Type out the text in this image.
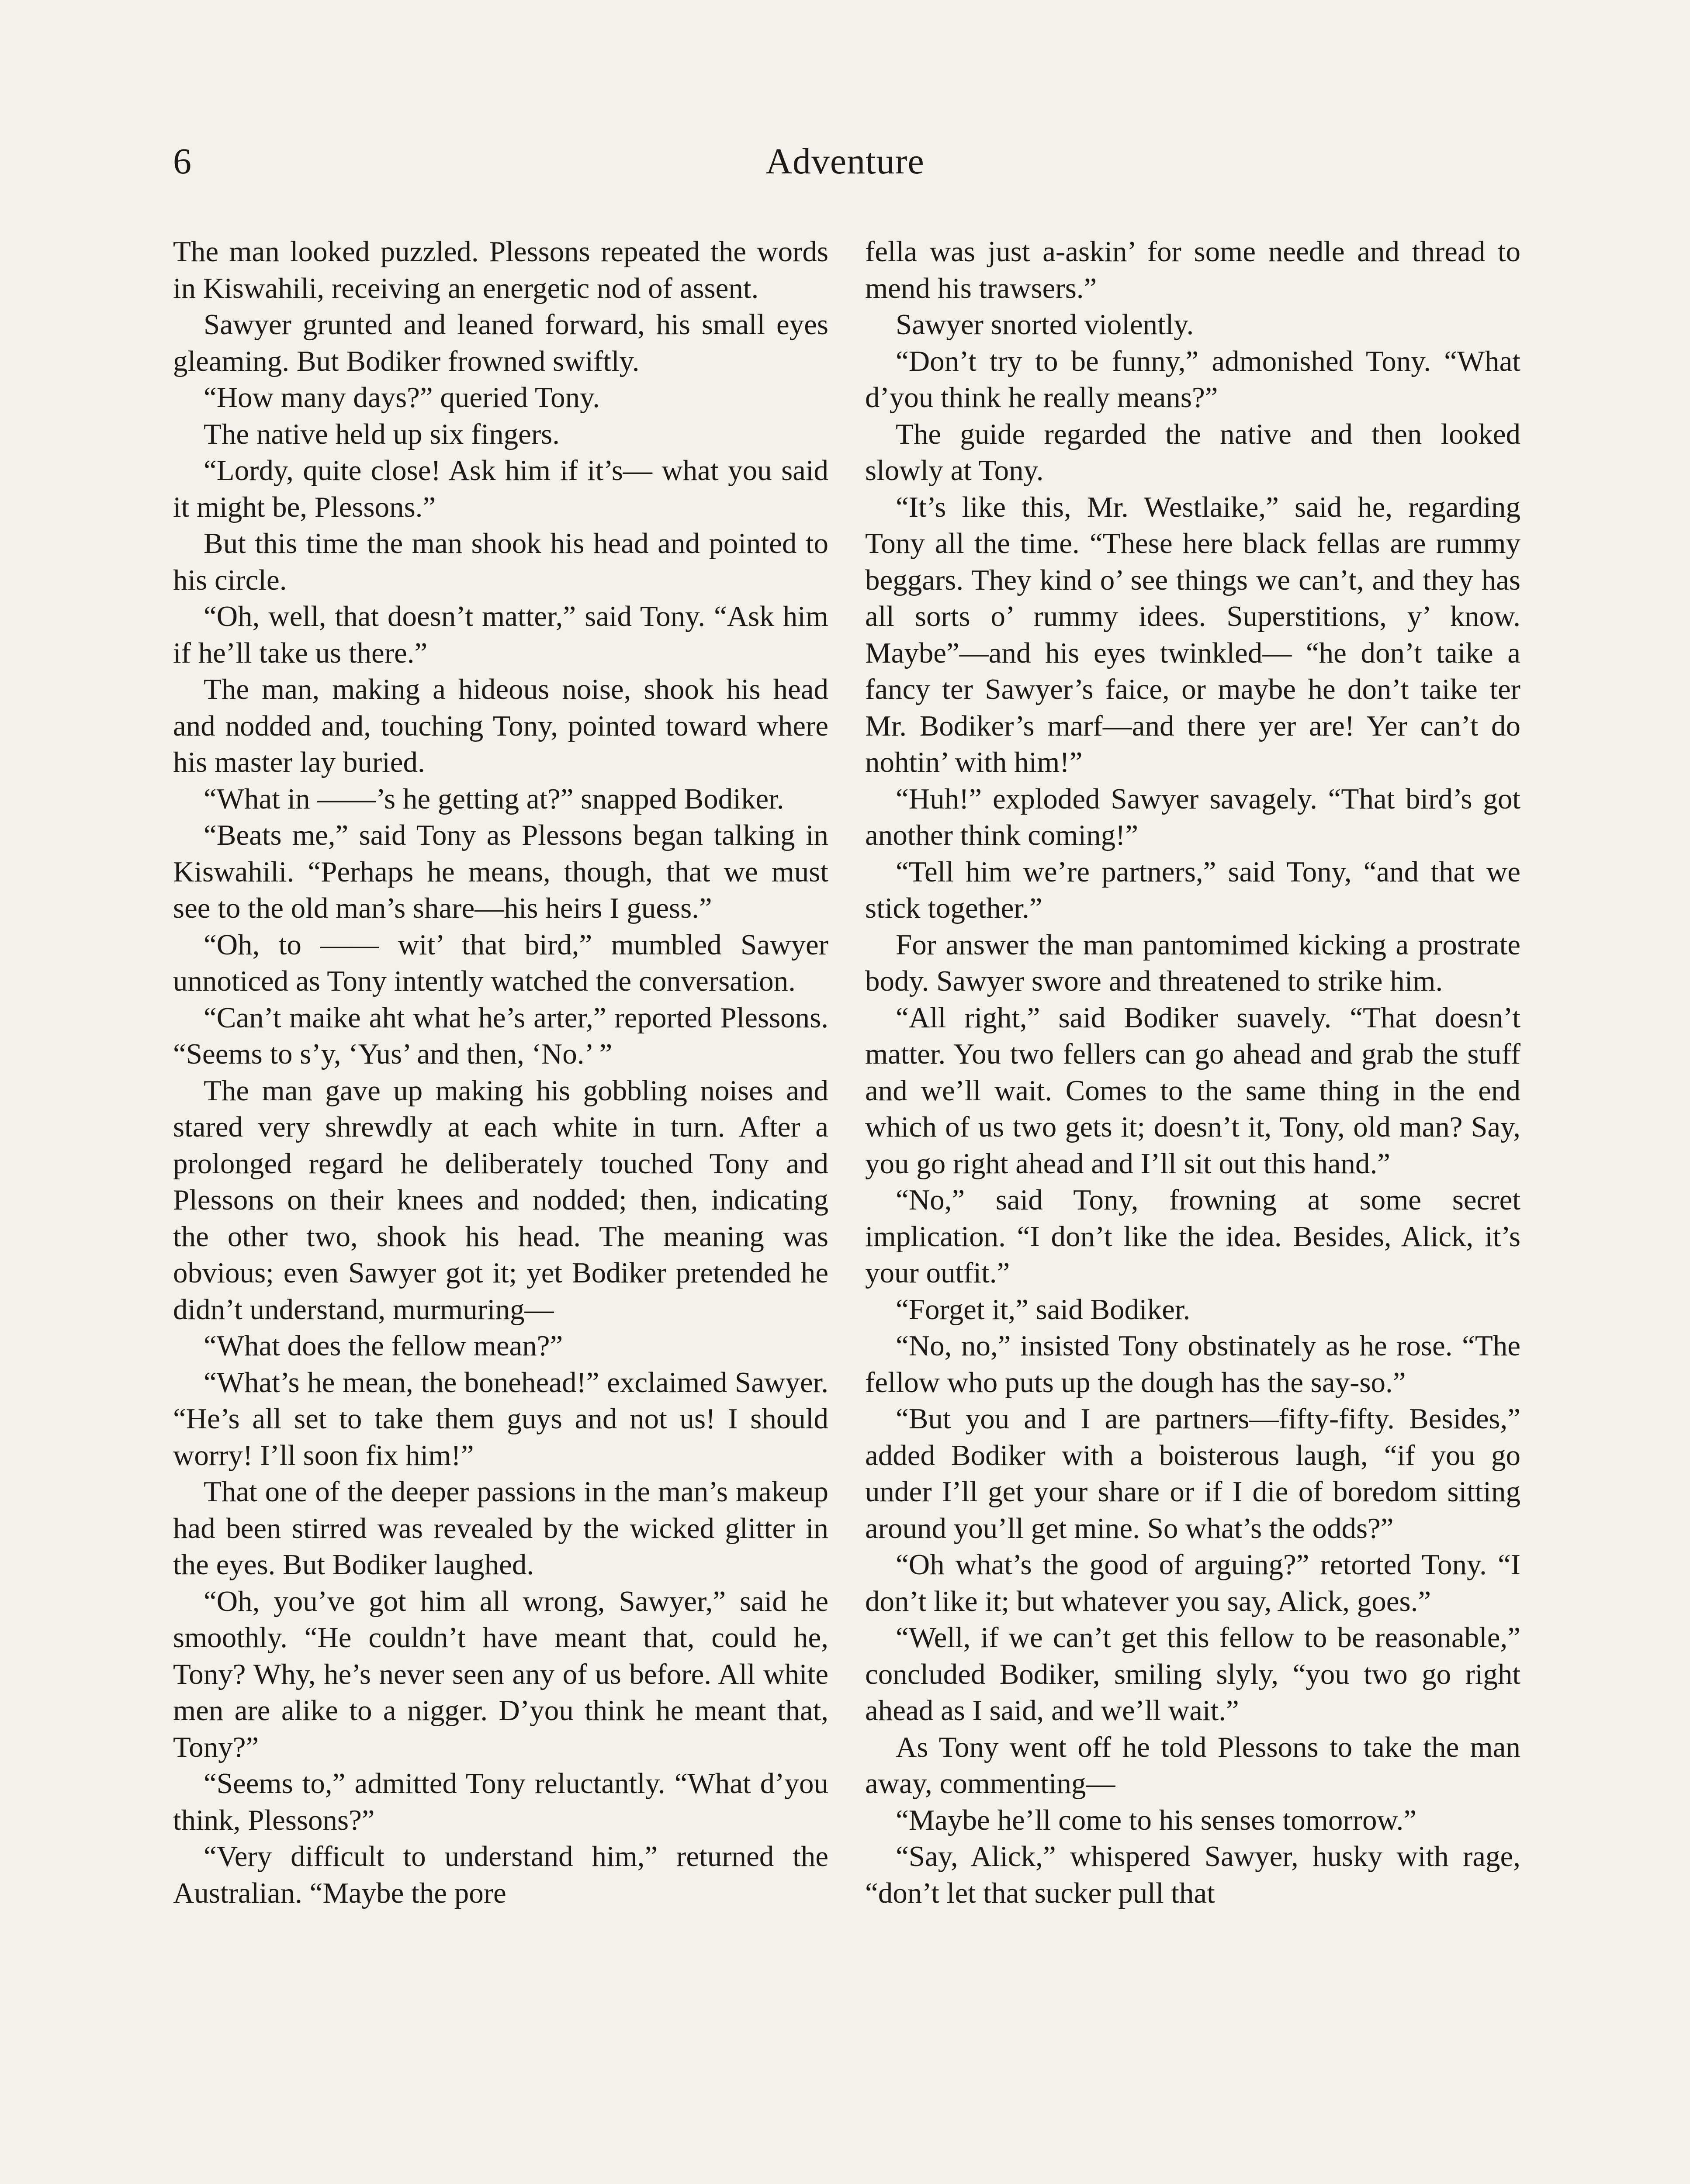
6	Adventure

The man looked puzzled. Plessons repeated the words in Kiswahili, receiving an energetic nod of assent.

Sawyer grunted and leaned forward, his small eyes gleaming. But Bodiker frowned swiftly.

“How many days?” queried Tony.

The native held up six fingers.

“Lordy, quite close! Ask him if it’s— what you said it might be, Plessons.”

But this time the man shook his head and pointed to his circle.

“Oh, well, that doesn’t matter,” said Tony. “Ask him if he’ll take us there.”

The man, making a hideous noise, shook his head and nodded and, touching Tony, pointed toward where his master lay buried.

“What in ——’s he getting at?” snapped Bodiker.

“Beats me,” said Tony as Plessons began talking in Kiswahili. “Perhaps he means, though, that we must see to the old man’s share—his heirs I guess.”

“Oh, to —— wit’ that bird,” mumbled Sawyer unnoticed as Tony intently watched the conversation.

“Can’t maike aht what he’s arter,” reported Plessons. “Seems to s’y, ‘Yus’ and then, ‘No.’ ”

The man gave up making his gobbling noises and stared very shrewdly at each white in turn. After a prolonged regard he deliberately touched Tony and Plessons on their knees and nodded; then, indicating the other two, shook his head. The meaning was obvious; even Sawyer got it; yet Bodiker pretended he didn’t understand, murmuring—

“What does the fellow mean?”

“What’s he mean, the bonehead!” exclaimed Sawyer. “He’s all set to take them guys and not us! I should worry! I’ll soon fix him!”

That one of the deeper passions in the man’s makeup had been stirred was revealed by the wicked glitter in the eyes. But Bodiker laughed.

“Oh, you’ve got him all wrong, Sawyer,” said he smoothly. “He couldn’t have meant that, could he, Tony? Why, he’s never seen any of us before. All white men are alike to a nigger. D’you think he meant that, Tony?”

“Seems to,” admitted Tony reluctantly. “What d’you think, Plessons?”

“Very difficult to understand him,” returned the Australian. “Maybe the pore

fella was just a-askin’ for some needle and thread to mend his trawsers.”

Sawyer snorted violently.

“Don’t try to be funny,” admonished Tony. “What d’you think he really means?”

The guide regarded the native and then looked slowly at Tony.

“It’s like this, Mr. Westlaike,” said he, regarding Tony all the time. “These here black fellas are rummy beggars. They kind o’ see things we can’t, and they has all sorts o’ rummy idees. Superstitions, y’ know. Maybe”—and his eyes twinkled— “he don’t taike a fancy ter Sawyer’s faice, or maybe he don’t taike ter Mr. Bodiker’s marf—and there yer are! Yer can’t do nohtin’ with him!”

“Huh!” exploded Sawyer savagely. “That bird’s got another think coming!”

“Tell him we’re partners,” said Tony, “and that we stick together.”

For answer the man pantomimed kicking a prostrate body. Sawyer swore and threatened to strike him.

“All right,” said Bodiker suavely. “That doesn’t matter. You two fellers can go ahead and grab the stuff and we’ll wait. Comes to the same thing in the end which of us two gets it; doesn’t it, Tony, old man? Say, you go right ahead and I’ll sit out this hand.”

“No,” said Tony, frowning at some secret implication. “I don’t like the idea. Besides, Alick, it’s your outfit.”

“Forget it,” said Bodiker.

“No, no,” insisted Tony obstinately as he rose. “The fellow who puts up the dough has the say-so.”

“But you and I are partners—fifty-fifty. Besides,” added Bodiker with a boisterous laugh, “if you go under I’ll get your share or if I die of boredom sitting around you’ll get mine. So what’s the odds?”

“Oh what’s the good of arguing?” retorted Tony. “I don’t like it; but whatever you say, Alick, goes.”

“Well, if we can’t get this fellow to be reasonable,” concluded Bodiker, smiling slyly, “you two go right ahead as I said, and we’ll wait.”

As Tony went off he told Plessons to take the man away, commenting—

“Maybe he’ll come to his senses tomorrow.”

“Say, Alick,” whispered Sawyer, husky with rage, “don’t let that sucker pull that
